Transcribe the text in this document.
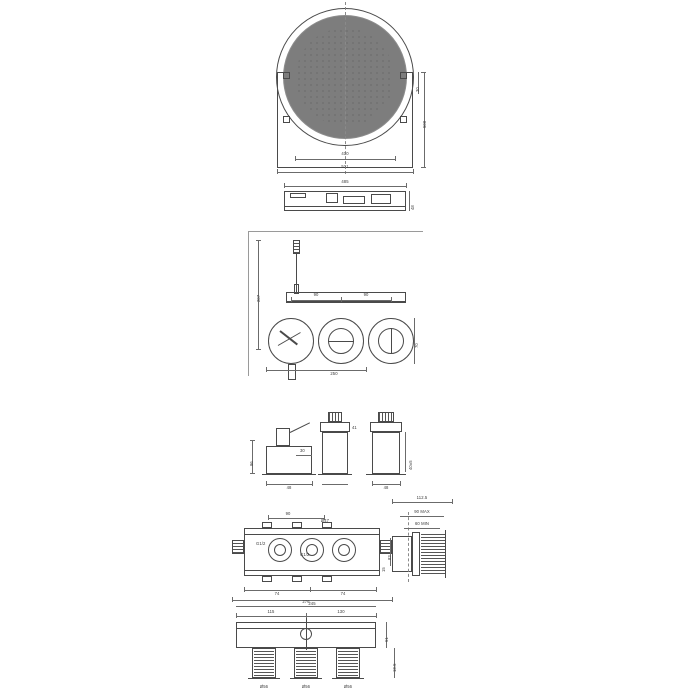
410
521
500
30
485
48
207
90	90
250
70
96
30
48
41
48
40±5
90
Ø47
G1/2
G1/2
83
15
74	74
245
112.5
90 MAX
60 MIN
115	130
276
61
13.5
Ø56	Ø56	Ø56
